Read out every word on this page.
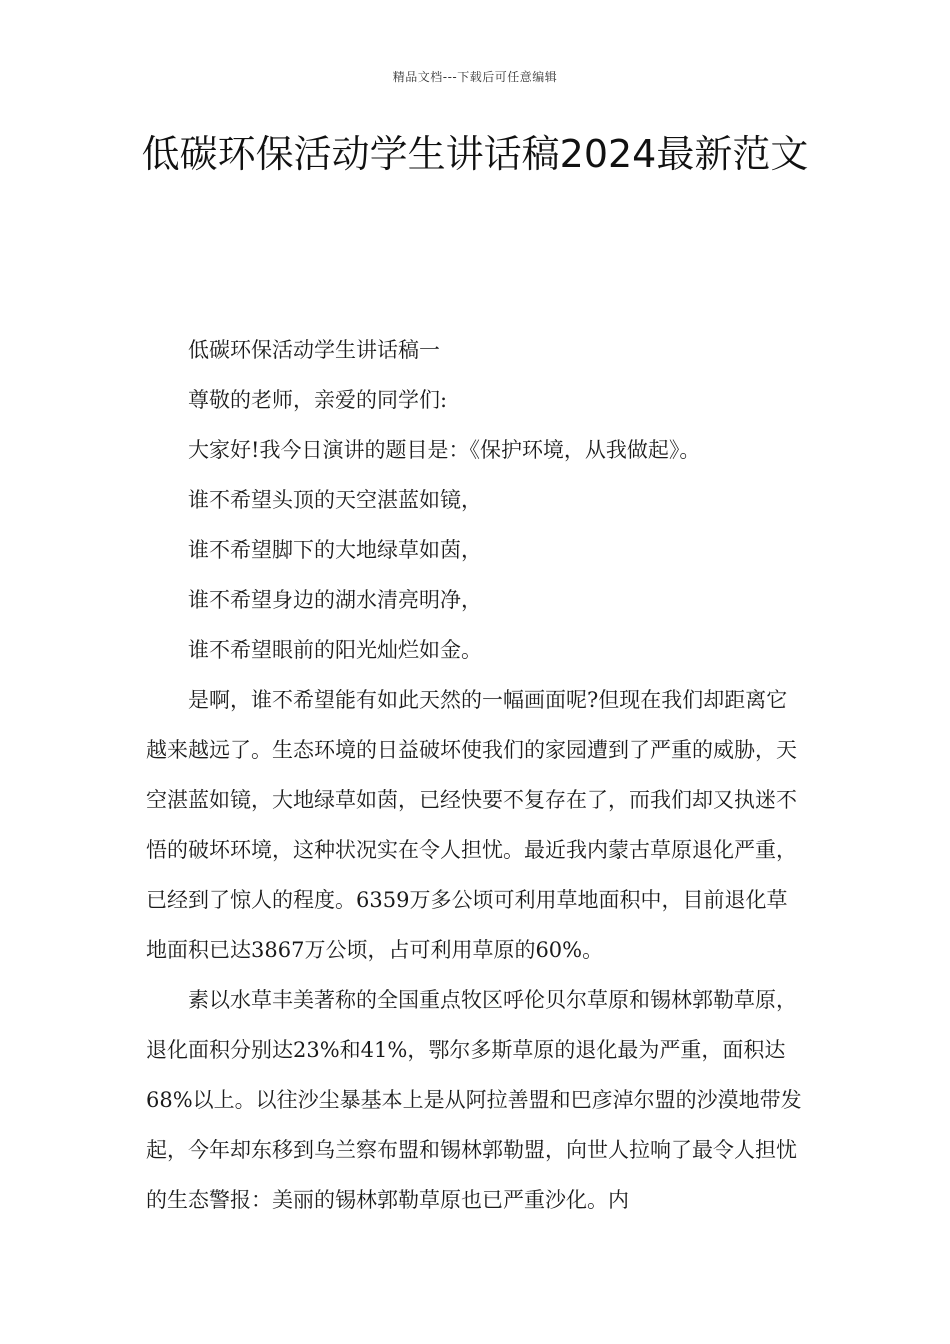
精品文档---下载后可任意编辑
低碳环保活动学生讲话稿2024最新范文

低碳环保活动学生讲话稿一

尊敬的老师，亲爱的同学们:

大家好!我今日演讲的题目是：《保护环境，从我做起》。

谁不希望头顶的天空湛蓝如镜，

谁不希望脚下的大地绿草如茵，

谁不希望身边的湖水清亮明净，

谁不希望眼前的阳光灿烂如金。

是啊，谁不希望能有如此天然的一幅画面呢?但现在我们却距离它越来越远了。生态环境的日益破坏使我们的家园遭到了严重的威胁，天空湛蓝如镜，大地绿草如茵，已经快要不复存在了，而我们却又执迷不悟的破坏环境，这种状况实在令人担忧。最近我内蒙古草原退化严重，已经到了惊人的程度。6359万多公顷可利用草地面积中，目前退化草地面积已达3867万公顷，占可利用草原的60%。

素以水草丰美著称的全国重点牧区呼伦贝尔草原和锡林郭勒草原，退化面积分别达23%和41%，鄂尔多斯草原的退化最为严重，面积达68%以上。以往沙尘暴基本上是从阿拉善盟和巴彦淖尔盟的沙漠地带发起，今年却东移到乌兰察布盟和锡林郭勒盟，向世人拉响了最令人担忧的生态警报：美丽的锡林郭勒草原也已严重沙化。内
